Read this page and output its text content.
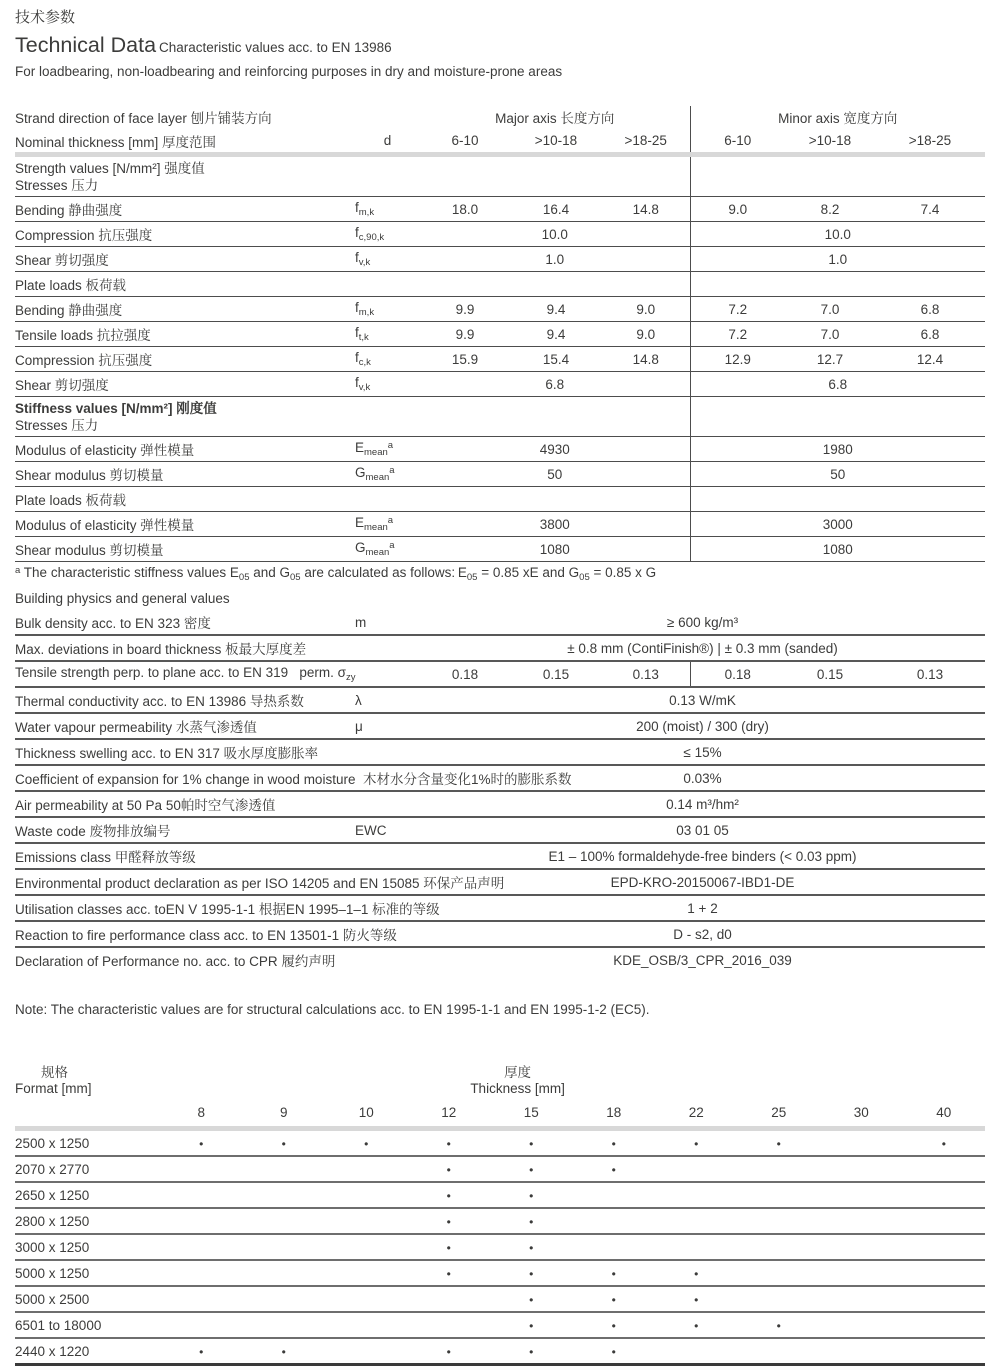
技术参数
Technical Data Characteristic values acc. to EN 13986
For loadbearing, non-loadbearing and reinforcing purposes in dry and moisture-prone areas
Strand direction of face layer 刨片铺装方向		Major axis 长度方向			Minor axis 宽度方向		
Nominal thickness [mm] 厚度范围	d	6-10	>10-18	>18-25	6-10	>10-18	>18-25

Strength values [N/mm²] 强度值
Stresses 压力							

Bending 静曲强度	$f_{m,k}$	18.0	16.4	14.8	9.0	8.2	7.4
Compression 抗压强度	$f_{c,90,k}$	10.0			10.0		
Shear 剪切强度	$f_{v,k}$	1.0			1.0		
Plate loads 板荷载							
Bending 静曲强度	$f_{m,k}$	9.9	9.4	9.0	7.2	7.0	6.8
Tensile loads 抗拉强度	$f_{t,k}$	9.9	9.4	9.0	7.2	7.0	6.8
Compression 抗压强度	$f_{c,k}$	15.9	15.4	14.8	12.9	12.7	12.4
Shear 剪切强度	$f_{v,k}$	6.8			6.8		

Stiffness values [N/mm²] 刚度值
Stresses 压力							

Modulus of elasticity 弹性模量	$E_{mean}^a$	4930			1980		
Shear modulus 剪切模量	$G_{mean}^a$	50			50		
Plate loads 板荷载							
Modulus of elasticity 弹性模量	$E_{mean}^a$	3800			3000		
Shear modulus 剪切模量	$G_{mean}^a$	1080			1080		
$^a$ The characteristic stiffness values $E_{05}$ and $G_{05}$ are calculated as follows: $E_{05} = 0.85$ xE and $G_{05} = 0.85$ x G							
Building physics and general values							
Bulk density acc. to EN 323 密度	m	≥ 600 kg/m³					
Max. deviations in board thickness 板最大厚度差		± 0.8 mm (ContiFinish®) | ± 0.3 mm (sanded)					
Tensile strength perp. to plane acc. to EN 319   perm. $\sigma_{zy}$		0.18	0.15	0.13	0.18	0.15	0.13
Thermal conductivity acc. to EN 13986 导热系数	λ	0.13 W/mK					
Water vapour permeability 水蒸气渗透值	μ	200 (moist) / 300 (dry)					
Thickness swelling acc. to EN 317 吸水厚度膨胀率		≤ 15%					
Coefficient of expansion for 1% change in wood moisture  木材水分含量变化1%时的膨胀系数		0.03%					
Air permeability at 50 Pa 50帕时空气渗透值		0.14 m³/hm²					
Waste code 废物排放编号	EWC	03 01 05					
Emissions class 甲醛释放等级		E1 – 100% formaldehyde-free binders (< 0.03 ppm)					
Environmental product declaration as per ISO 14205 and EN 15085 环保产品声明		EPD-KRO-20150067-IBD1-DE					
Utilisation classes acc. toEN V 1995-1-1 根据EN 1995–1–1 标准的等级		1 + 2					
Reaction to fire performance class acc. to EN 13501-1 防火等级		D - s2, d0					
Declaration of Performance no. acc. to CPR 履约声明		KDE_OSB/3_CPR_2016_039					

Note: The characteristic values are for structural calculations acc. to EN 1995-1-1 and EN 1995-1-2 (EC5).

规格
Format [mm]

厚度
Thickness [mm]

	8	9	10	12	15	18	22	25	30	40

2500 x 1250	•	•	•	•	•	•	•	•		•
2070 x 2770				•	•	•				
2650 x 1250				•	•					
2800 x 1250				•	•					
3000 x 1250				•	•					
5000 x 1250				•	•	•	•			
5000 x 2500					•	•	•			
6501 to 18000					•	•	•	•		
2440 x 1220	•	•		•	•	•				
